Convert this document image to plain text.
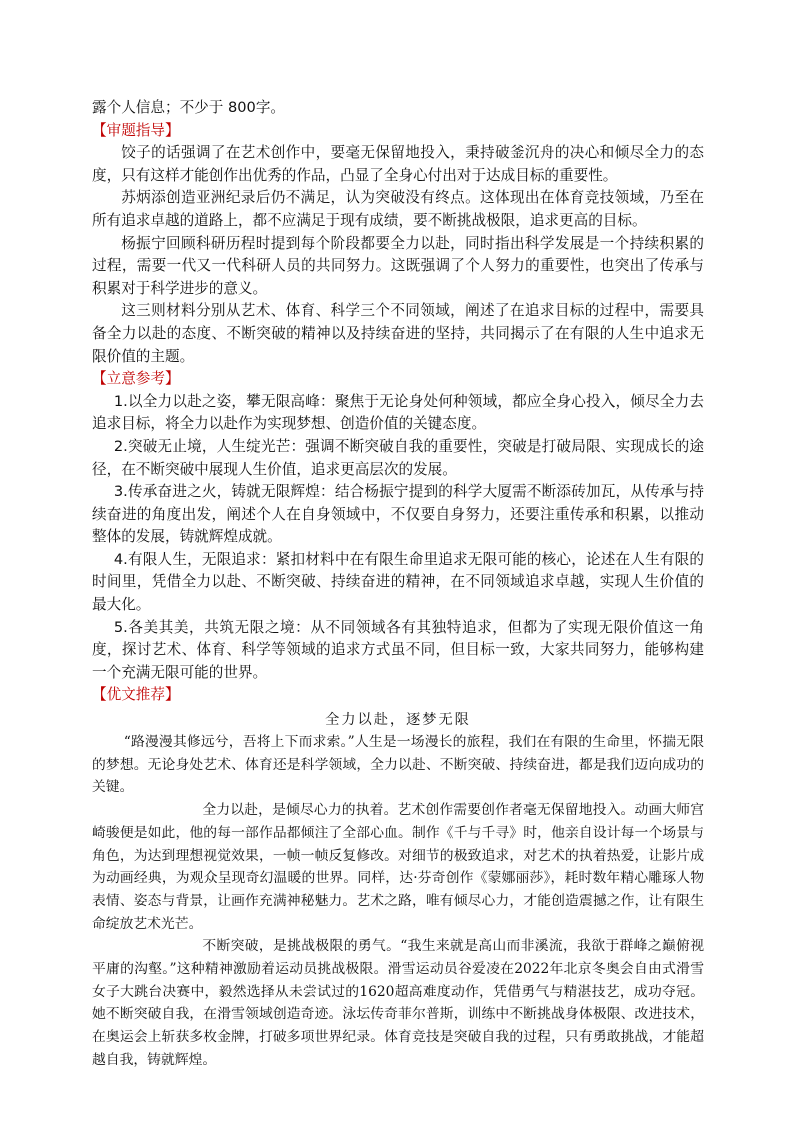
露个人信息；不少于 800字。

【审题指导】

饺子的话强调了在艺术创作中，要毫无保留地投入，秉持破釜沉舟的决心和倾尽全力的态度，只有这样才能创作出优秀的作品，凸显了全身心付出对于达成目标的重要性。

苏炳添创造亚洲纪录后仍不满足，认为突破没有终点。这体现出在体育竞技领域，乃至在所有追求卓越的道路上，都不应满足于现有成绩，要不断挑战极限，追求更高的目标。

杨振宁回顾科研历程时提到每个阶段都要全力以赴，同时指出科学发展是一个持续积累的过程，需要一代又一代科研人员的共同努力。这既强调了个人努力的重要性，也突出了传承与积累对于科学进步的意义。

这三则材料分别从艺术、体育、科学三个不同领域，阐述了在追求目标的过程中，需要具备全力以赴的态度、不断突破的精神以及持续奋进的坚持，共同揭示了在有限的人生中追求无限价值的主题。

【立意参考】

1.以全力以赴之姿，攀无限高峰：聚焦于无论身处何种领域，都应全身心投入，倾尽全力去追求目标，将全力以赴作为实现梦想、创造价值的关键态度。

2.突破无止境，人生绽光芒：强调不断突破自我的重要性，突破是打破局限、实现成长的途径，在不断突破中展现人生价值，追求更高层次的发展。

3.传承奋进之火，铸就无限辉煌：结合杨振宁提到的科学大厦需不断添砖加瓦，从传承与持续奋进的角度出发，阐述个人在自身领域中，不仅要自身努力，还要注重传承和积累，以推动整体的发展，铸就辉煌成就。

4.有限人生，无限追求：紧扣材料中在有限生命里追求无限可能的核心，论述在人生有限的时间里，凭借全力以赴、不断突破、持续奋进的精神，在不同领域追求卓越，实现人生价值的最大化。

5.各美其美，共筑无限之境：从不同领域各有其独特追求，但都为了实现无限价值这一角度，探讨艺术、体育、科学等领域的追求方式虽不同，但目标一致，大家共同努力，能够构建一个充满无限可能的世界。

【优文推荐】
全力以赴，逐梦无限

“路漫漫其修远兮，吾将上下而求索。”人生是一场漫长的旅程，我们在有限的生命里，怀揣无限的梦想。无论身处艺术、体育还是科学领域，全力以赴、不断突破、持续奋进，都是我们迈向成功的关键。

全力以赴，是倾尽心力的执着。艺术创作需要创作者毫无保留地投入。动画大师宫崎骏便是如此，他的每一部作品都倾注了全部心血。制作《千与千寻》时，他亲自设计每一个场景与角色，为达到理想视觉效果，一帧一帧反复修改。对细节的极致追求，对艺术的执着热爱，让影片成为动画经典，为观众呈现奇幻温暖的世界。同样，达·芬奇创作《蒙娜丽莎》，耗时数年精心雕琢人物表情、姿态与背景，让画作充满神秘魅力。艺术之路，唯有倾尽心力，才能创造震撼之作，让有限生命绽放艺术光芒。

不断突破，是挑战极限的勇气。“我生来就是高山而非溪流，我欲于群峰之巅俯视平庸的沟壑。”这种精神激励着运动员挑战极限。滑雪运动员谷爱凌在2022年北京冬奥会自由式滑雪女子大跳台决赛中，毅然选择从未尝试过的1620超高难度动作，凭借勇气与精湛技艺，成功夺冠。她不断突破自我，在滑雪领域创造奇迹。泳坛传奇菲尔普斯，训练中不断挑战身体极限、改进技术，在奥运会上斩获多枚金牌，打破多项世界纪录。体育竞技是突破自我的过程，只有勇敢挑战，才能超越自我，铸就辉煌。
